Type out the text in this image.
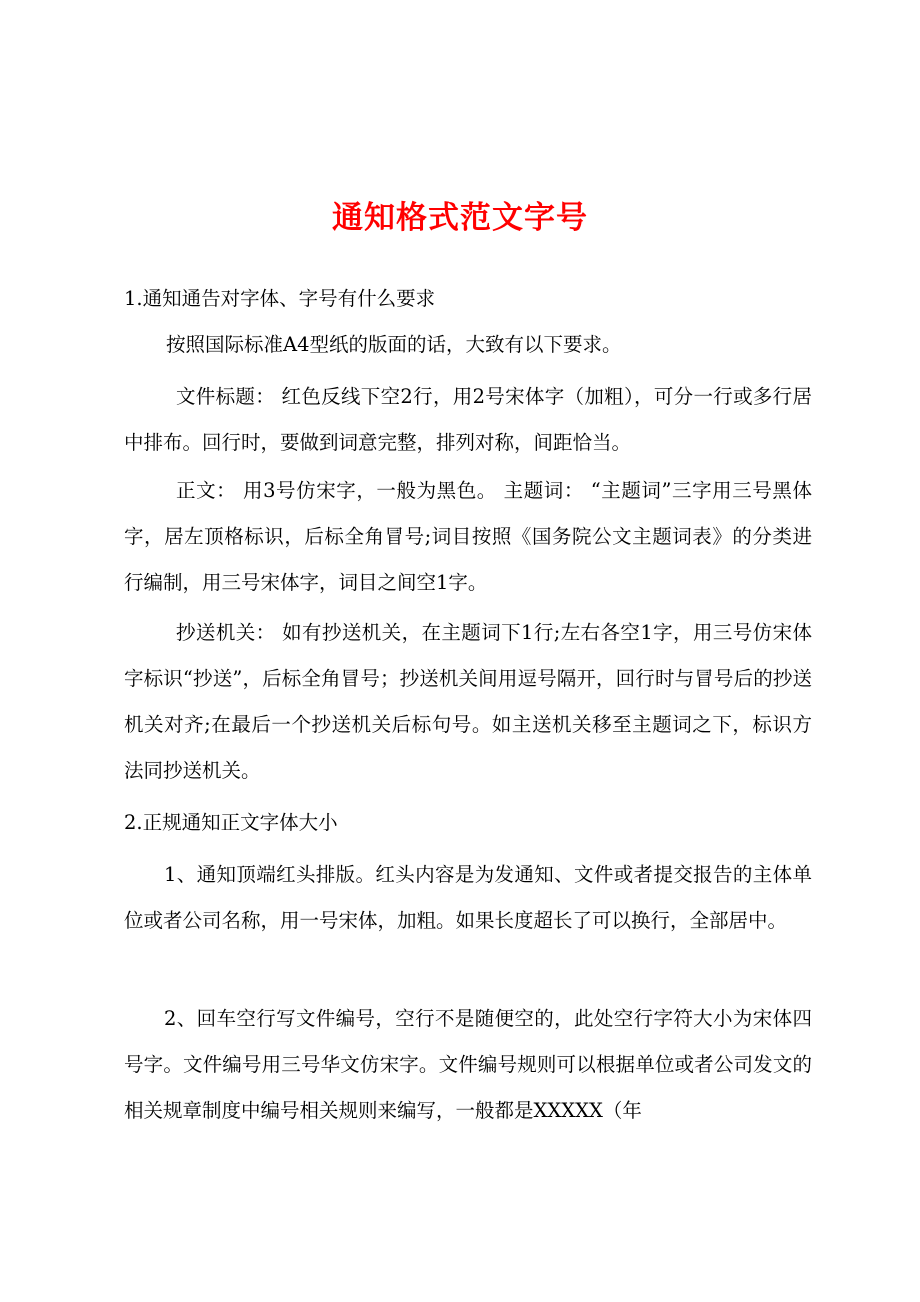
通知格式范文字号

1.通知通告对字体、字号有什么要求

按照国际标准A4型纸的版面的话，大致有以下要求。

文件标题： 红色反线下空2行，用2号宋体字（加粗），可分一行或多行居中排布。回行时，要做到词意完整，排列对称，间距恰当。

正文： 用3号仿宋字，一般为黑色。 主题词： “主题词”三字用三号黑体字，居左顶格标识，后标全角冒号;词目按照《国务院公文主题词表》的分类进行编制，用三号宋体字，词目之间空1字。

抄送机关： 如有抄送机关，在主题词下1行;左右各空1字，用三号仿宋体字标识“抄送”，后标全角冒号；抄送机关间用逗号隔开，回行时与冒号后的抄送机关对齐;在最后一个抄送机关后标句号。如主送机关移至主题词之下，标识方法同抄送机关。

2.正规通知正文字体大小

1、通知顶端红头排版。红头内容是为发通知、文件或者提交报告的主体单位或者公司名称，用一号宋体，加粗。如果长度超长了可以换行，全部居中。

2、回车空行写文件编号，空行不是随便空的，此处空行字符大小为宋体四号字。文件编号用三号华文仿宋字。文件编号规则可以根据单位或者公司发文的相关规章制度中编号相关规则来编写，一般都是XXXXX（年
